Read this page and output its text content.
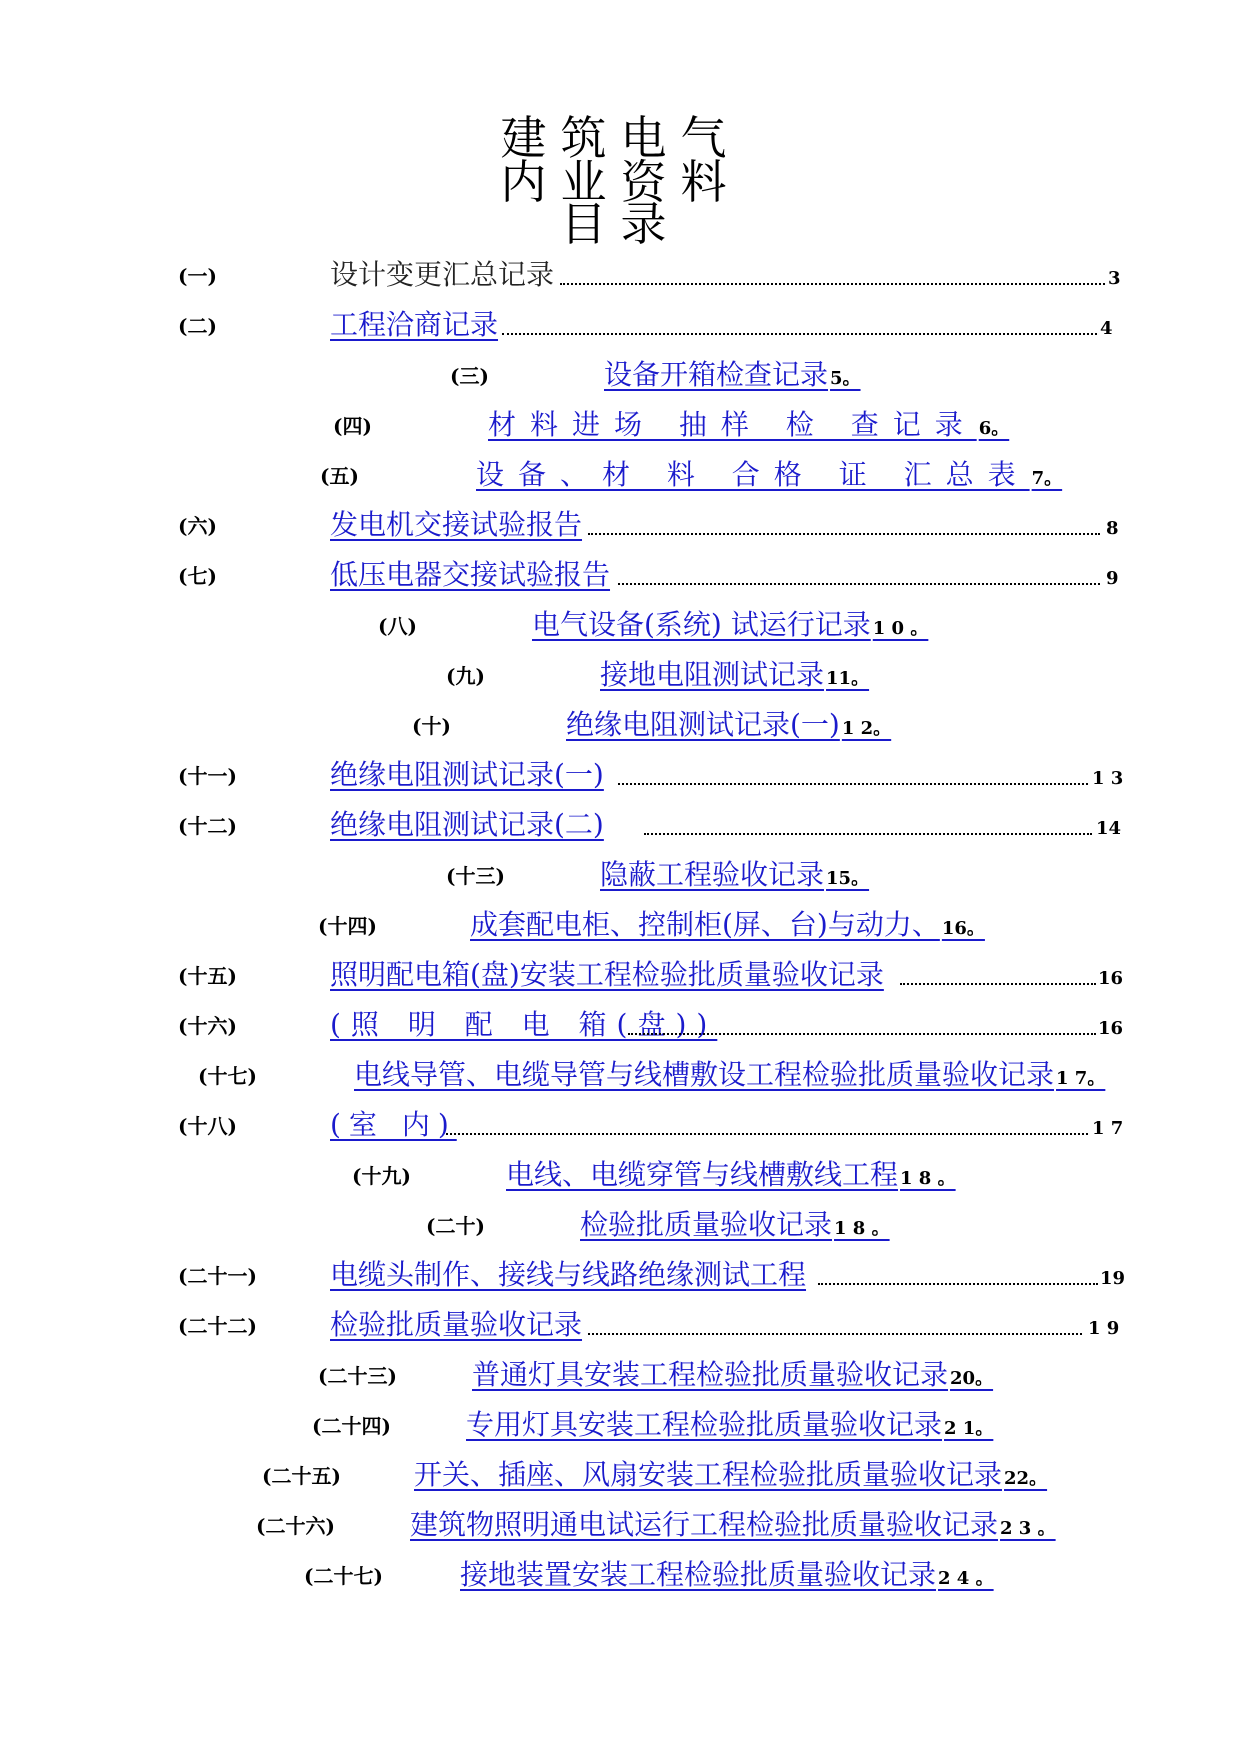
建筑电气
内业资料
目录
(一)	设计变更汇总记录	3
(二)	工程洽商记录	4
(三)	设备开箱检查记录 5。
(四)	材料进场 抽样 检 查记录 6。
(五)	设备、材 料 合格 证 汇总表 7。
(六)	发电机交接试验报告	8
(七)	低压电器交接试验报告	9
(八)	电气设备(系统) 试运行记录 1 0 。
(九)	接地电阻测试记录 11。
(十)	绝缘电阻测试记录(一) 1 2。
(十一)	绝缘电阻测试记录(一)	1 3
(十二)	绝缘电阻测试记录(二)	14
(十三)	隐蔽工程验收记录 15。
(十四)	成套配电柜、控制柜(屏、台)与动力、 16。
(十五)	照明配电箱(盘)安装工程检验批质量验收记录	16
(十六)	(照 明 配 电 箱(盘))	16
(十七)	电线导管、电缆导管与线槽敷设工程检验批质量验收记录 1 7。
(十八)	(室 内)	1 7
(十九)	电线、电缆穿管与线槽敷线工程 1 8 。
(二十)	检验批质量验收记录 1 8 。
(二十一)	电缆头制作、接线与线路绝缘测试工程	19
(二十二)	检验批质量验收记录	1 9
(二十三)	普通灯具安装工程检验批质量验收记录 20。
(二十四)	专用灯具安装工程检验批质量验收记录 2 1。
(二十五)	开关、插座、风扇安装工程检验批质量验收记录 22。
(二十六)	建筑物照明通电试运行工程检验批质量验收记录 2 3 。
(二十七)	接地装置安装工程检验批质量验收记录 2 4 。
